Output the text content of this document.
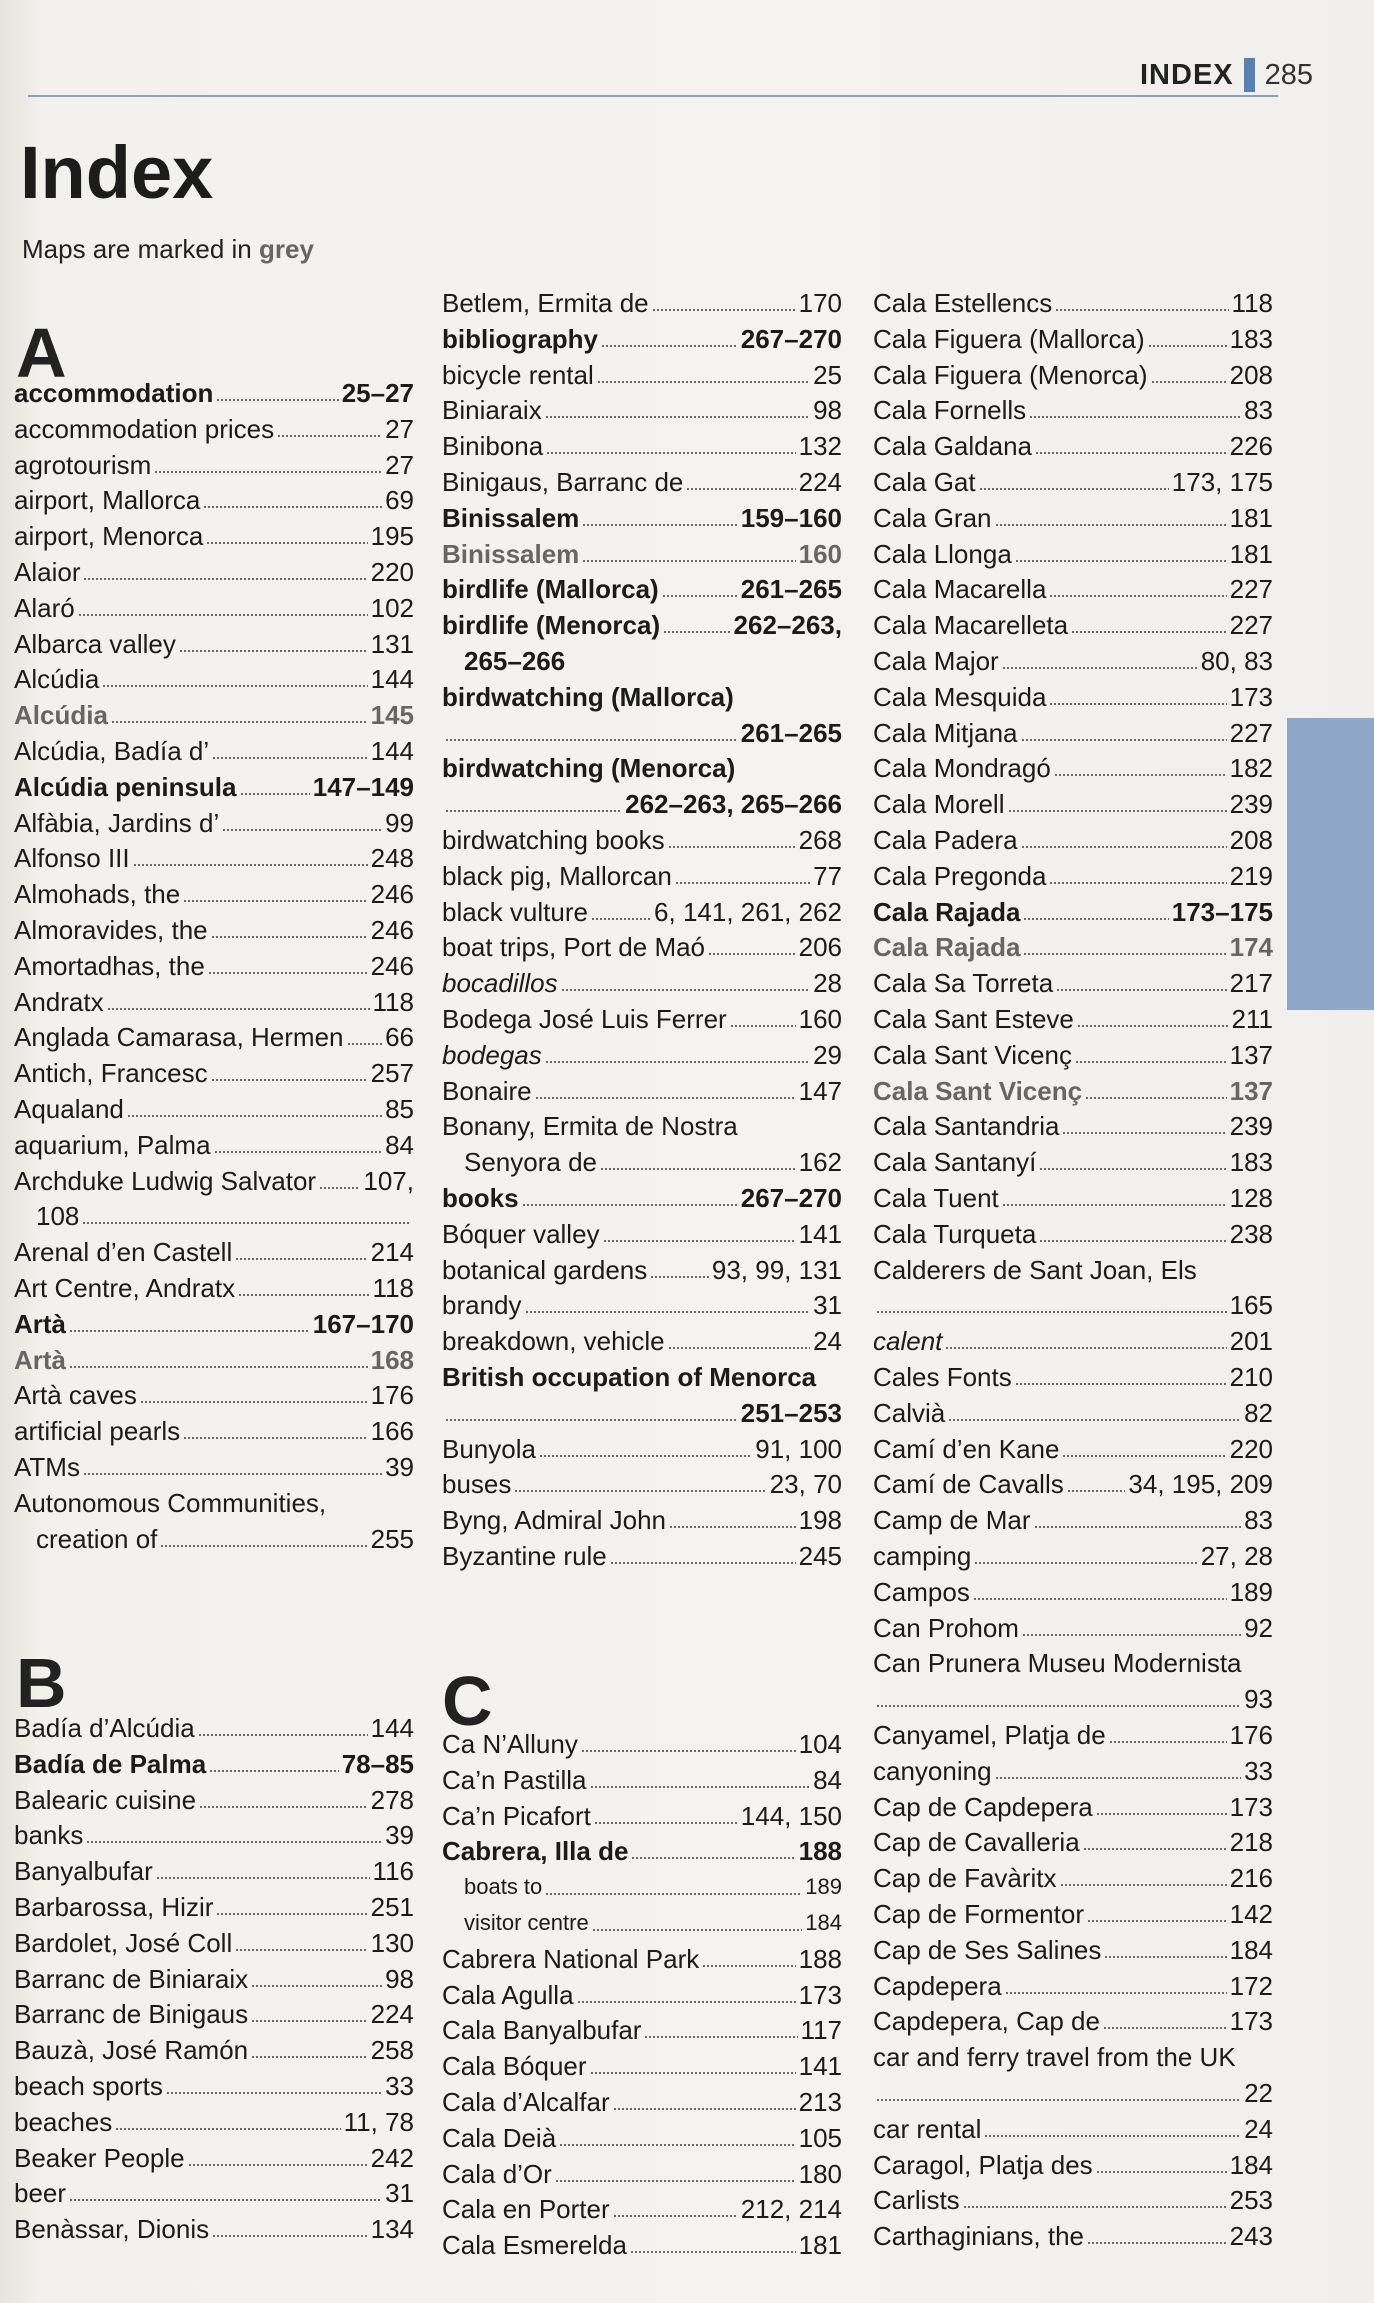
INDEX 285
Index
Maps are marked in grey
A
accommodation	25–27
accommodation prices	27
agrotourism	27
airport, Mallorca	69
airport, Menorca	195
Alaior	220
Alaró	102
Albarca valley	131
Alcúdia	144
Alcúdia	145
Alcúdia, Badía d’	144
Alcúdia peninsula	147–149
Alfàbia, Jardins d’	99
Alfonso III	248
Almohads, the	246
Almoravides, the	246
Amortadhas, the	246
Andratx	118
Anglada Camarasa, Hermen 66
Antich, Francesc	257
Aqualand	85
aquarium, Palma	84
Archduke Ludwig Salvator 107,
108
Arenal d’en Castell	214
Art Centre, Andratx	118
Artà	167–170
Artà	168
Artà caves	176
artificial pearls	166
ATMs	39
Autonomous Communities,
creation of	255
B
Badía d’Alcúdia	144
Badía de Palma	78–85
Balearic cuisine	278
banks	39
Banyalbufar	116
Barbarossa, Hizir	251
Bardolet, José Coll	130
Barranc de Biniaraix	98
Barranc de Binigaus	224
Bauzà, José Ramón	258
beach sports	33
beaches	11, 78
Beaker People	242
beer	31
Benàssar, Dionis	134
Betlem, Ermita de	170
bibliography	267–270
bicycle rental	25
Biniaraix	98
Binibona	132
Binigaus, Barranc de	224
Binissalem	159–160
Binissalem	160
birdlife (Mallorca)	261–265
birdlife (Menorca)	262–263,
265–266
birdwatching (Mallorca)
261–265
birdwatching (Menorca)
262–263, 265–266
birdwatching books	268
black pig, Mallorcan	77
black vulture	6, 141, 261, 262
boat trips, Port de Maó	206
bocadillos	28
Bodega José Luis Ferrer	160
bodegas	29
Bonaire	147
Bonany, Ermita de Nostra
Senyora de	162
books	267–270
Bóquer valley	141
botanical gardens 93, 99, 131
brandy	31
breakdown, vehicle	24
British occupation of Menorca
251–253
Bunyola	91, 100
buses	23, 70
Byng, Admiral John	198
Byzantine rule	245
C
Ca N’Alluny	104
Ca’n Pastilla	84
Ca’n Picafort	144, 150
Cabrera, Illa de	188
boats to	189
visitor centre	184
Cabrera National Park	188
Cala Agulla	173
Cala Banyalbufar	117
Cala Bóquer	141
Cala d’Alcalfar	213
Cala Deià	105
Cala d’Or	180
Cala en Porter	212, 214
Cala Esmerelda	181
Cala Estellencs	118
Cala Figuera (Mallorca)	183
Cala Figuera (Menorca)	208
Cala Fornells	83
Cala Galdana	226
Cala Gat	173, 175
Cala Gran	181
Cala Llonga	181
Cala Macarella	227
Cala Macarelleta	227
Cala Major	80, 83
Cala Mesquida	173
Cala Mitjana	227
Cala Mondragó	182
Cala Morell	239
Cala Padera	208
Cala Pregonda	219
Cala Rajada	173–175
Cala Rajada	174
Cala Sa Torreta	217
Cala Sant Esteve	211
Cala Sant Vicenç	137
Cala Sant Vicenç	137
Cala Santandria	239
Cala Santanyí	183
Cala Tuent	128
Cala Turqueta	238
Calderers de Sant Joan, Els
165
calent	201
Cales Fonts	210
Calvià	82
Camí d’en Kane	220
Camí de Cavalls 34, 195, 209
Camp de Mar	83
camping	27, 28
Campos	189
Can Prohom	92
Can Prunera Museu Modernista
93
Canyamel, Platja de	176
canyoning	33
Cap de Capdepera	173
Cap de Cavalleria	218
Cap de Favàritx	216
Cap de Formentor	142
Cap de Ses Salines	184
Capdepera	172
Capdepera, Cap de	173
car and ferry travel from the UK
22
car rental	24
Caragol, Platja des	184
Carlists	253
Carthaginians, the	243
